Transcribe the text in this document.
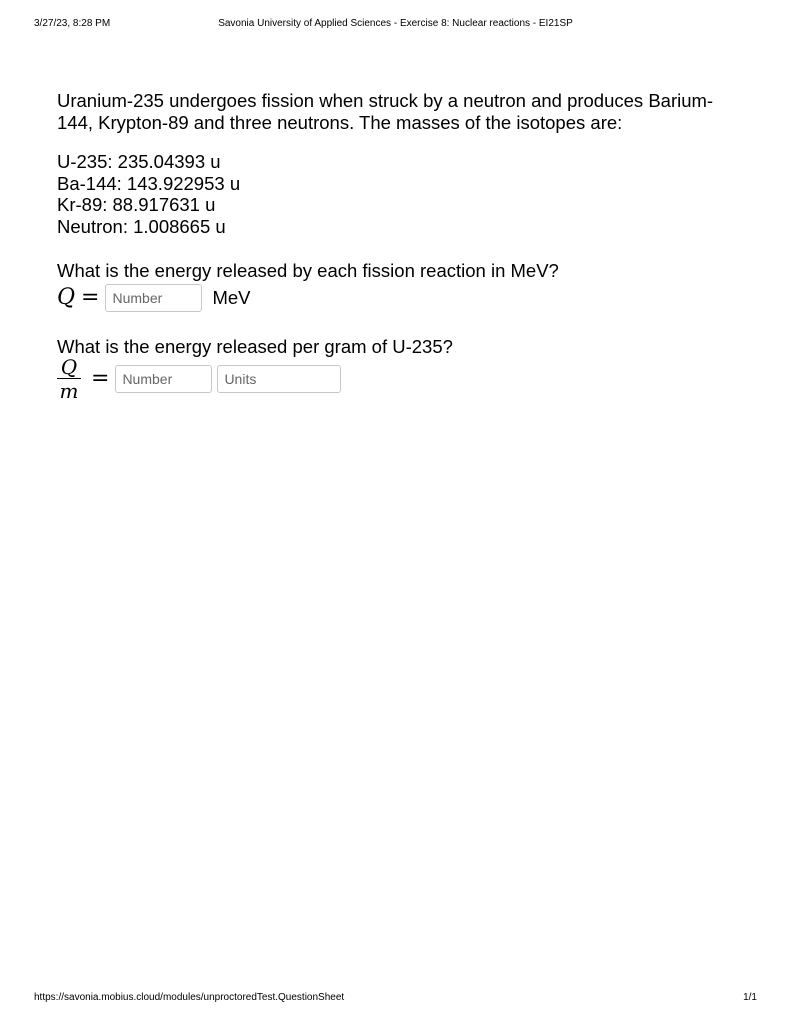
3/27/23, 8:28 PM	Savonia University of Applied Sciences - Exercise 8: Nuclear reactions - EI21SP

Uranium-235 undergoes fission when struck by a neutron and produces Barium-144, Krypton-89 and three neutrons. The masses of the isotopes are:

U-235: 235.04393 u
Ba-144: 143.922953 u
Kr-89: 88.917631 u
Neutron: 1.008665 u

What is the energy released by each fission reaction in MeV?

Q =
Number	MeV

What is the energy released per gram of U-235?

$\frac{Q}{m}$ =
Number
Units
https://savonia.mobius.cloud/modules/unproctoredTest.QuestionSheet	1/1
